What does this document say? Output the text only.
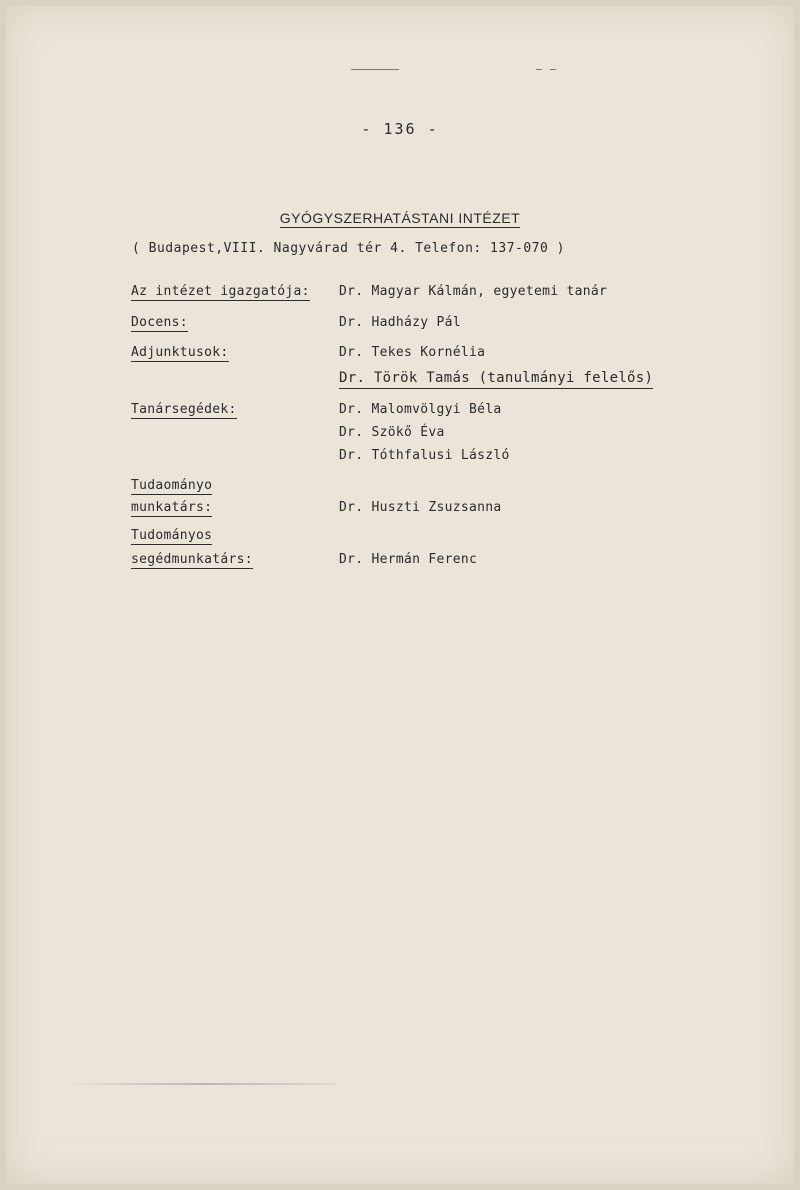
- 136 -
GYÓGYSZERHATÁSTANI INTÉZET
( Budapest,VIII. Nagyvárad tér 4. Telefon: 137-070 )
Az intézet igazgatója: Dr. Magyar Kálmán, egyetemi tanár
Docens:	Dr. Hadházy Pál
Adjunktusok:	Dr. Tekes Kornélia
Dr. Török Tamás (tanulmányi felelős)
Tanársegédek:	Dr. Malomvölgyi Béla
Dr. Szökő Éva
Dr. Tóthfalusi László
Tudaományo
munkatárs:	Dr. Huszti Zsuzsanna
Tudományos
segédmunkatárs:	Dr. Hermán Ferenc
